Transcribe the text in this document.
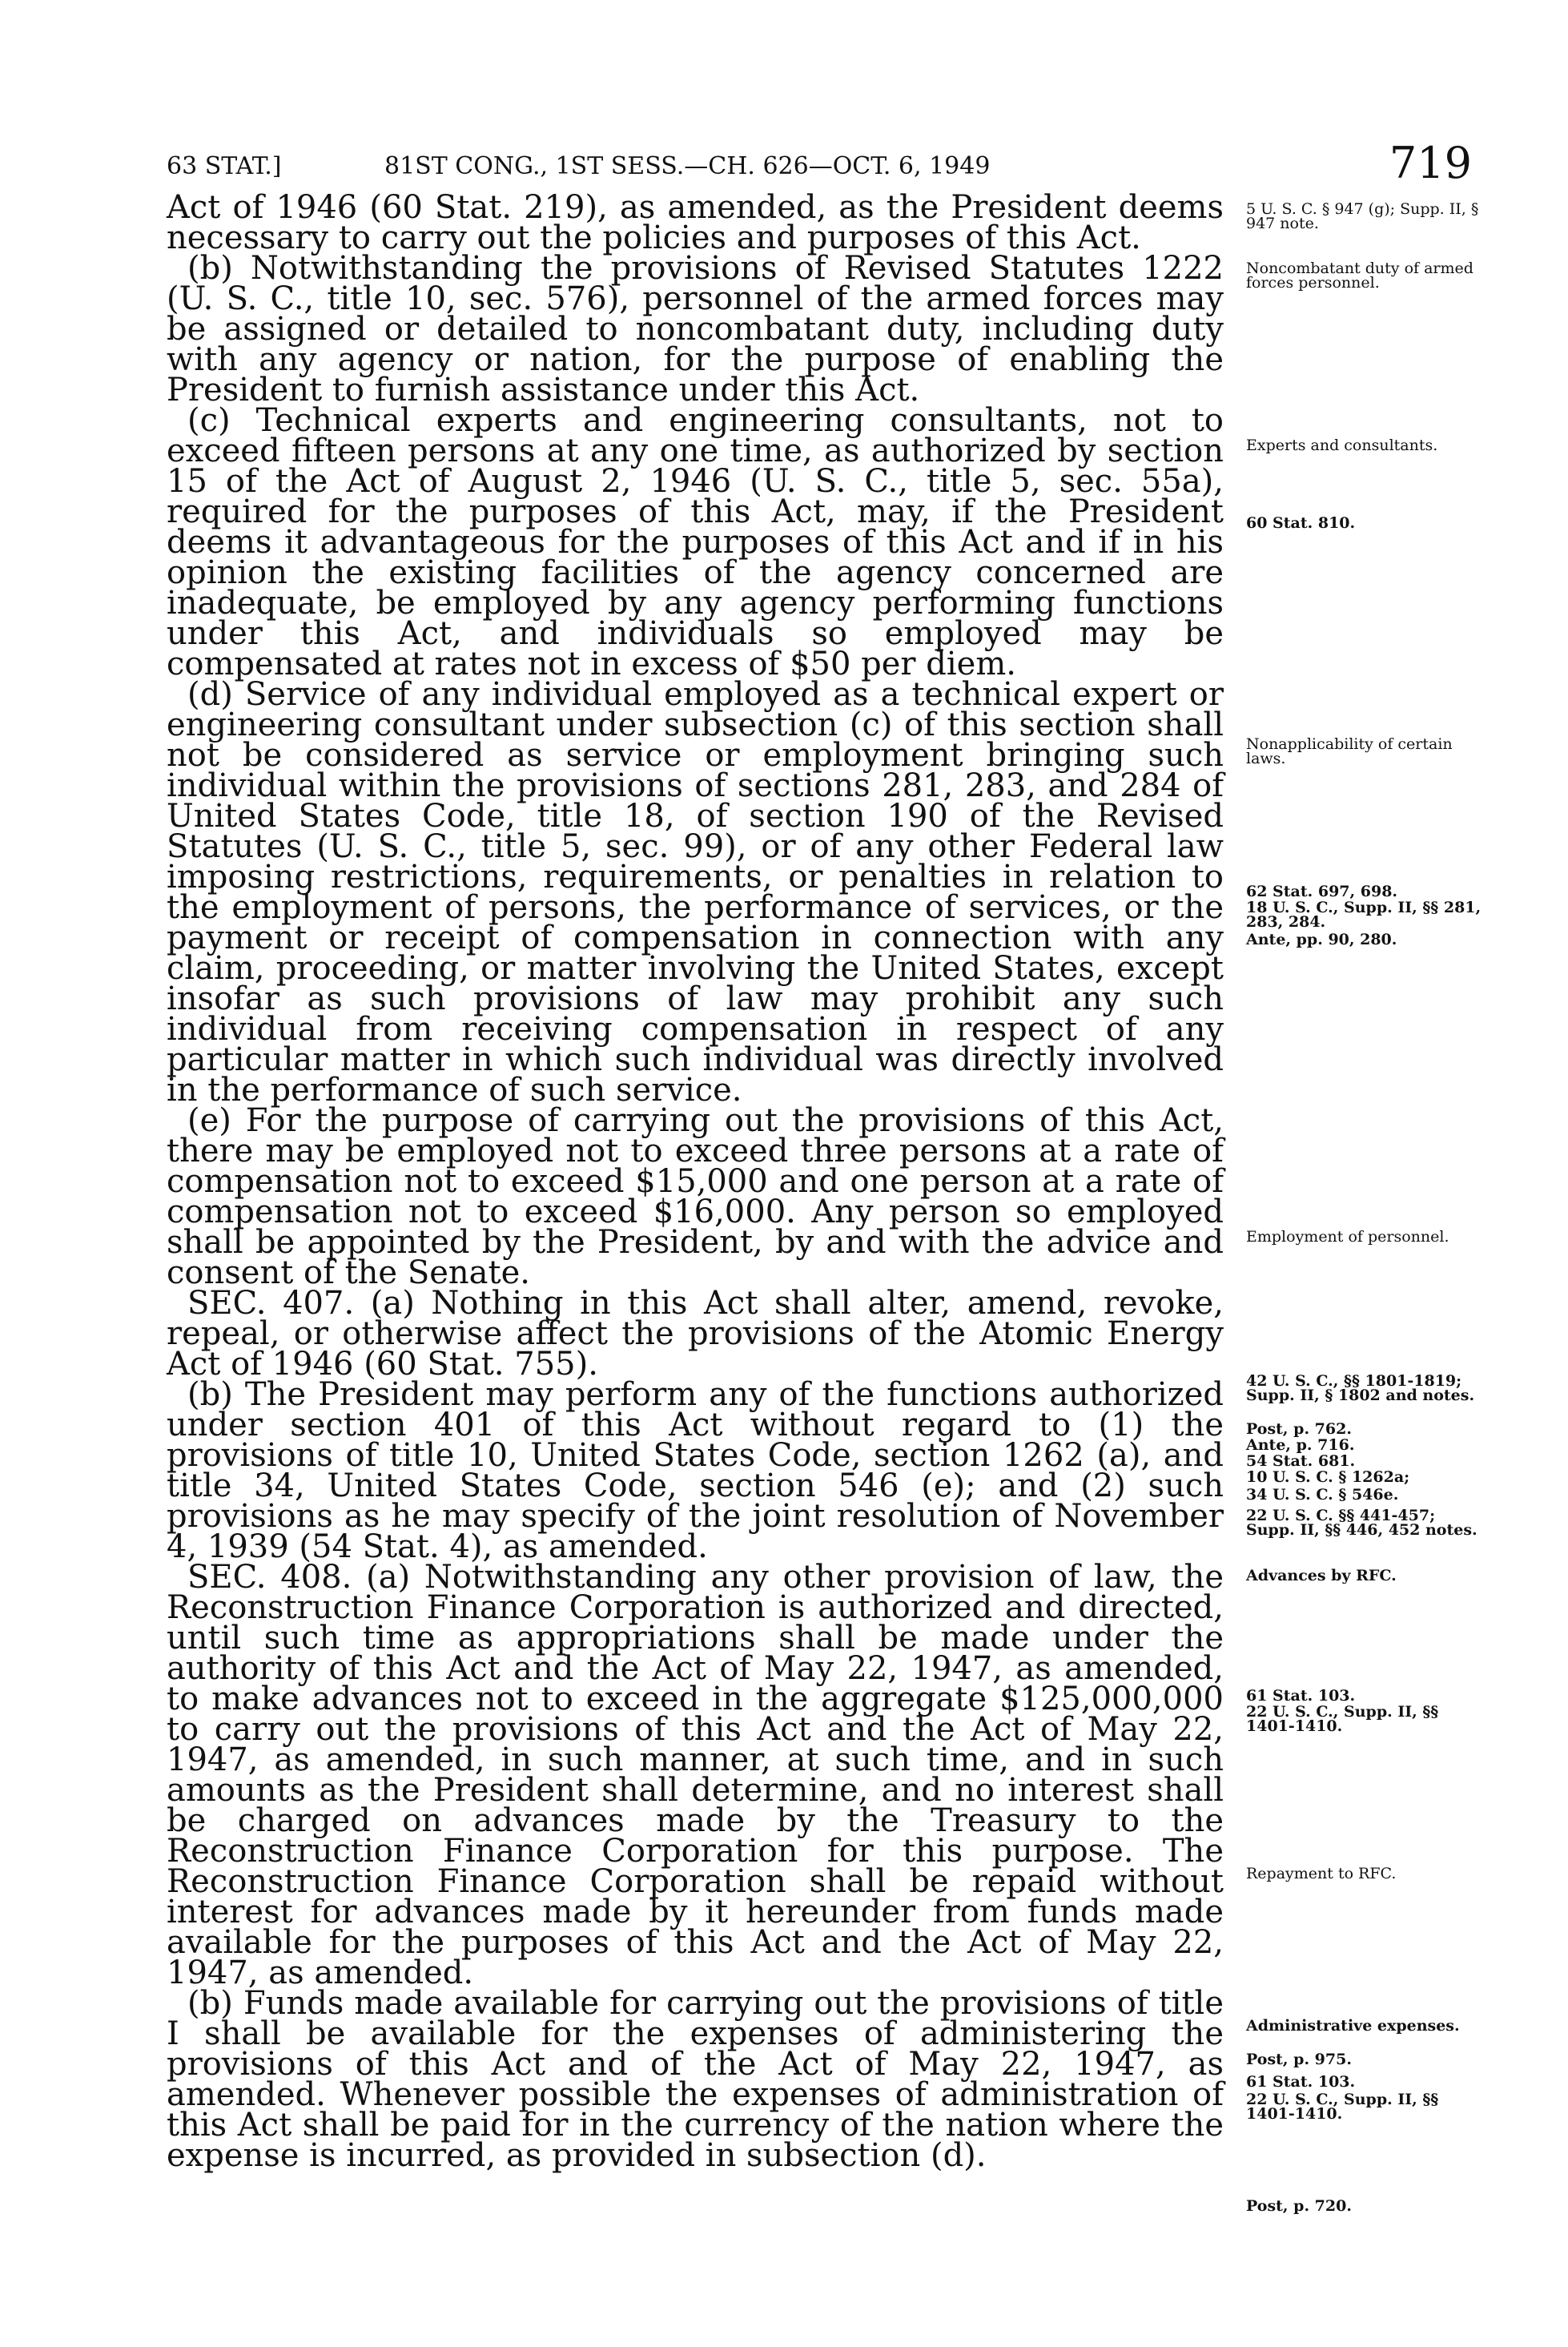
63 STAT.]	81ST CONG., 1ST SESS.—CH. 626—OCT. 6, 1949	719

Act of 1946 (60 Stat. 219), as amended, as the President deems necessary to carry out the policies and purposes of this Act.

(b) Notwithstanding the provisions of Revised Statutes 1222 (U. S. C., title 10, sec. 576), personnel of the armed forces may be assigned or detailed to noncombatant duty, including duty with any agency or nation, for the purpose of enabling the President to furnish assistance under this Act.

(c) Technical experts and engineering consultants, not to exceed fifteen persons at any one time, as authorized by section 15 of the Act of August 2, 1946 (U. S. C., title 5, sec. 55a), required for the purposes of this Act, may, if the President deems it advantageous for the purposes of this Act and if in his opinion the existing facilities of the agency concerned are inadequate, be employed by any agency performing functions under this Act, and individuals so employed may be compensated at rates not in excess of $50 per diem.

(d) Service of any individual employed as a technical expert or engineering consultant under subsection (c) of this section shall not be considered as service or employment bringing such individual within the provisions of sections 281, 283, and 284 of United States Code, title 18, of section 190 of the Revised Statutes (U. S. C., title 5, sec. 99), or of any other Federal law imposing restrictions, requirements, or penalties in relation to the employment of persons, the performance of services, or the payment or receipt of compensation in connection with any claim, proceeding, or matter involving the United States, except insofar as such provisions of law may prohibit any such individual from receiving compensation in respect of any particular matter in which such individual was directly involved in the performance of such service.

(e) For the purpose of carrying out the provisions of this Act, there may be employed not to exceed three persons at a rate of compensation not to exceed $15,000 and one person at a rate of compensation not to exceed $16,000. Any person so employed shall be appointed by the President, by and with the advice and consent of the Senate.

SEC. 407. (a) Nothing in this Act shall alter, amend, revoke, repeal, or otherwise affect the provisions of the Atomic Energy Act of 1946 (60 Stat. 755).

(b) The President may perform any of the functions authorized under section 401 of this Act without regard to (1) the provisions of title 10, United States Code, section 1262 (a), and title 34, United States Code, section 546 (e); and (2) such provisions as he may specify of the joint resolution of November 4, 1939 (54 Stat. 4), as amended.

SEC. 408. (a) Notwithstanding any other provision of law, the Reconstruction Finance Corporation is authorized and directed, until such time as appropriations shall be made under the authority of this Act and the Act of May 22, 1947, as amended, to make advances not to exceed in the aggregate $125,000,000 to carry out the provisions of this Act and the Act of May 22, 1947, as amended, in such manner, at such time, and in such amounts as the President shall determine, and no interest shall be charged on advances made by the Treasury to the Reconstruction Finance Corporation for this purpose. The Reconstruction Finance Corporation shall be repaid without interest for advances made by it hereunder from funds made available for the purposes of this Act and the Act of May 22, 1947, as amended.

(b) Funds made available for carrying out the provisions of title I shall be available for the expenses of administering the provisions of this Act and of the Act of May 22, 1947, as amended. Whenever possible the expenses of administration of this Act shall be paid for in the currency of the nation where the expense is incurred, as provided in subsection (d).

5 U. S. C. § 947 (g); Supp. II, § 947 note.
Noncombatant duty of armed forces personnel.
Experts and consultants.
60 Stat. 810.
Nonapplicability of certain laws.
62 Stat. 697, 698.
18 U. S. C., Supp. II, §§ 281, 283, 284.
Ante, pp. 90, 280.
Employment of personnel.
42 U. S. C., §§ 1801-1819; Supp. II, § 1802 and notes.
Post, p. 762.
Ante, p. 716.
54 Stat. 681.
10 U. S. C. § 1262a;
34 U. S. C. § 546e.
22 U. S. C. §§ 441-457; Supp. II, §§ 446, 452 notes.
Advances by RFC.
61 Stat. 103.
22 U. S. C., Supp. II, §§ 1401-1410.
Repayment to RFC.
Administrative expenses.
Post, p. 975.
61 Stat. 103.
22 U. S. C., Supp. II, §§ 1401-1410.
Post, p. 720.
